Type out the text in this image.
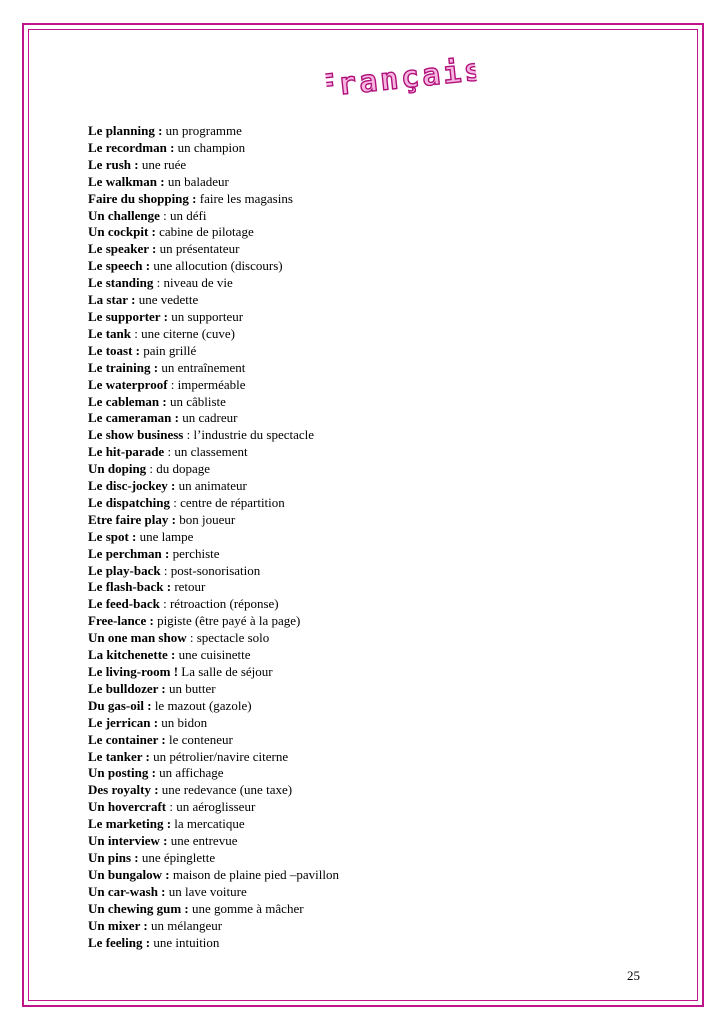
Français
Le planning : un programme
Le recordman : un champion
Le rush : une ruée
Le walkman : un baladeur
Faire du shopping : faire les magasins
Un challenge : un défi
Un cockpit : cabine de pilotage
Le speaker : un présentateur
Le speech : une allocution (discours)
Le standing : niveau de vie
La star : une vedette
Le supporter : un supporteur
Le tank : une citerne (cuve)
Le toast : pain grillé
Le training : un entraînement
Le waterproof : imperméable
Le cableman : un câbliste
Le cameraman : un cadreur
Le show business : l’industrie du spectacle
Le hit-parade : un classement
Un doping : du dopage
Le disc-jockey : un animateur
Le dispatching : centre de répartition
Etre faire play : bon joueur
Le spot : une lampe
Le perchman : perchiste
Le play-back : post-sonorisation
Le flash-back : retour
Le feed-back : rétroaction (réponse)
Free-lance : pigiste (être payé à la page)
Un one man show : spectacle solo
La kitchenette : une cuisinette
Le living-room ! La salle de séjour
Le bulldozer : un butter
Du gas-oil : le mazout (gazole)
Le jerrican : un bidon
Le container : le conteneur
Le tanker : un pétrolier/navire citerne
Un posting : un affichage
Des royalty : une redevance (une taxe)
Un hovercraft : un aéroglisseur
Le marketing : la mercatique
Un interview : une entrevue
Un pins : une épinglette
Un bungalow : maison de plaine pied –pavillon
Un car-wash : un lave voiture
Un chewing gum : une gomme à mâcher
Un mixer : un mélangeur
Le feeling : une intuition
25
